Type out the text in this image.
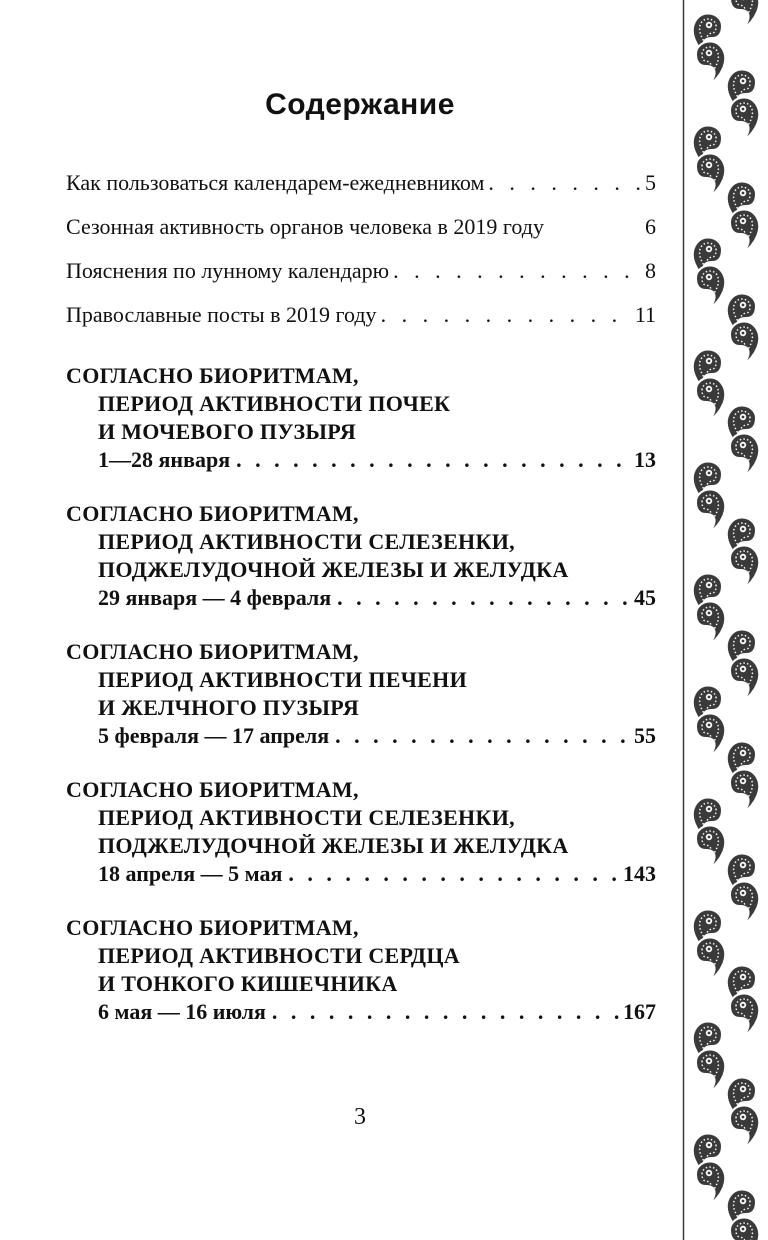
Содержание
Как пользоваться календарем-ежедневником . . .	5
Сезонная активность органов человека в 2019 году	6
Пояснения по лунному календарю . . .	8
Православные посты в 2019 году . . .	11
СОГЛАСНО БИОРИТМАМ,
ПЕРИОД АКТИВНОСТИ ПОЧЕК
И МОЧЕВОГО ПУЗЫРЯ
1—28 января . . .	13
СОГЛАСНО БИОРИТМАМ,
ПЕРИОД АКТИВНОСТИ СЕЛЕЗЕНКИ,
ПОДЖЕЛУДОЧНОЙ ЖЕЛЕЗЫ И ЖЕЛУДКА
29 января — 4 февраля . . .	45
СОГЛАСНО БИОРИТМАМ,
ПЕРИОД АКТИВНОСТИ ПЕЧЕНИ
И ЖЕЛЧНОГО ПУЗЫРЯ
5 февраля — 17 апреля . . .	55
СОГЛАСНО БИОРИТМАМ,
ПЕРИОД АКТИВНОСТИ СЕЛЕЗЕНКИ,
ПОДЖЕЛУДОЧНОЙ ЖЕЛЕЗЫ И ЖЕЛУДКА
18 апреля — 5 мая . . .	143
СОГЛАСНО БИОРИТМАМ,
ПЕРИОД АКТИВНОСТИ СЕРДЦА
И ТОНКОГО КИШЕЧНИКА
6 мая — 16 июля . . .	167
3
